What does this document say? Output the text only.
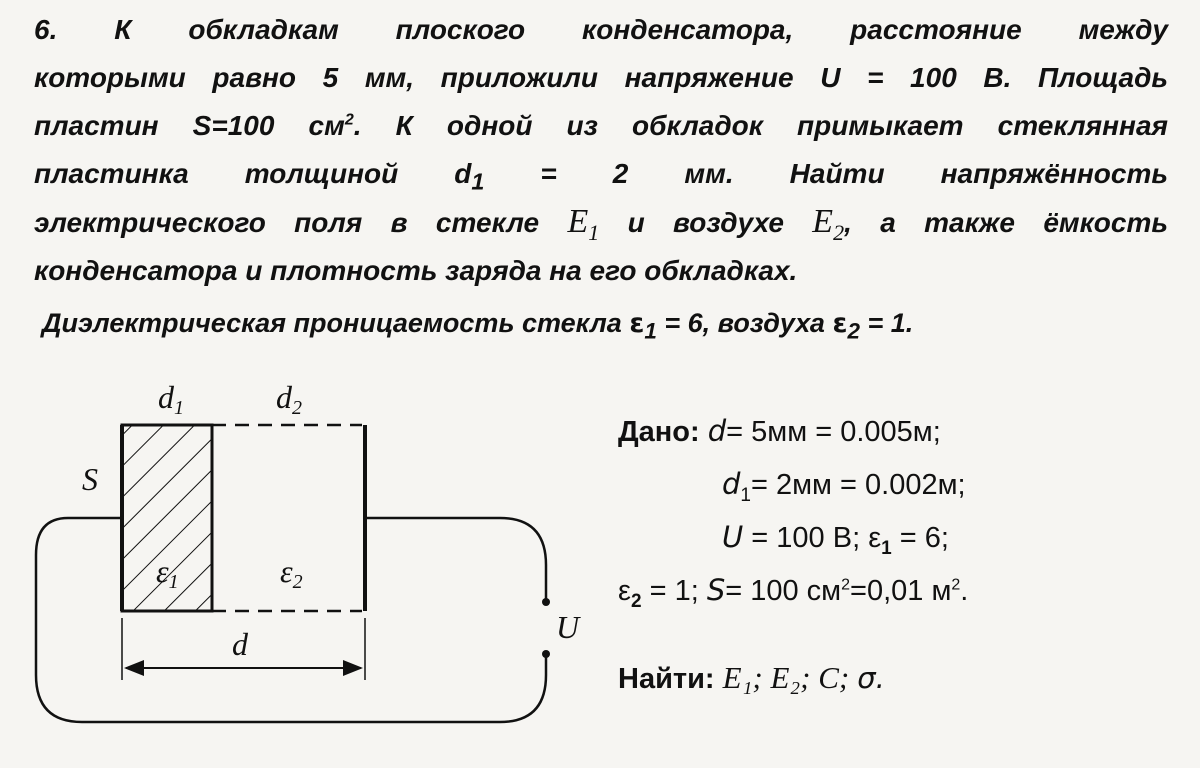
6. К обкладкам плоского конденсатора, расстояние между
которыми равно 5 мм, приложили напряжение U = 100 В. Площадь
пластин S=100 $см^2$. К одной из обкладок примыкает стеклянная
пластинка толщиной $d_1 = 2$ мм. Найти напряжённость
электрического поля в стекле $E_1$ и воздухе $E_2$, а также ёмкость
конденсатора и плотность заряда на его обкладках.
Диэлектрическая проницаемость стекла $\varepsilon_1 = 6$, воздуха $\varepsilon_2 = 1$.
d1	d2
S
ε1	ε2
d	U
Дано: d= 5мм = 0.005м;
$d_1= 2мм = 0.002м$;
U = 100 В; $\varepsilon_1 = 6$;
$\varepsilon_2 = 1$; S= 100 $см^2=0,01$ $м^2$.
Найти: E₁; E₂; C; σ.
